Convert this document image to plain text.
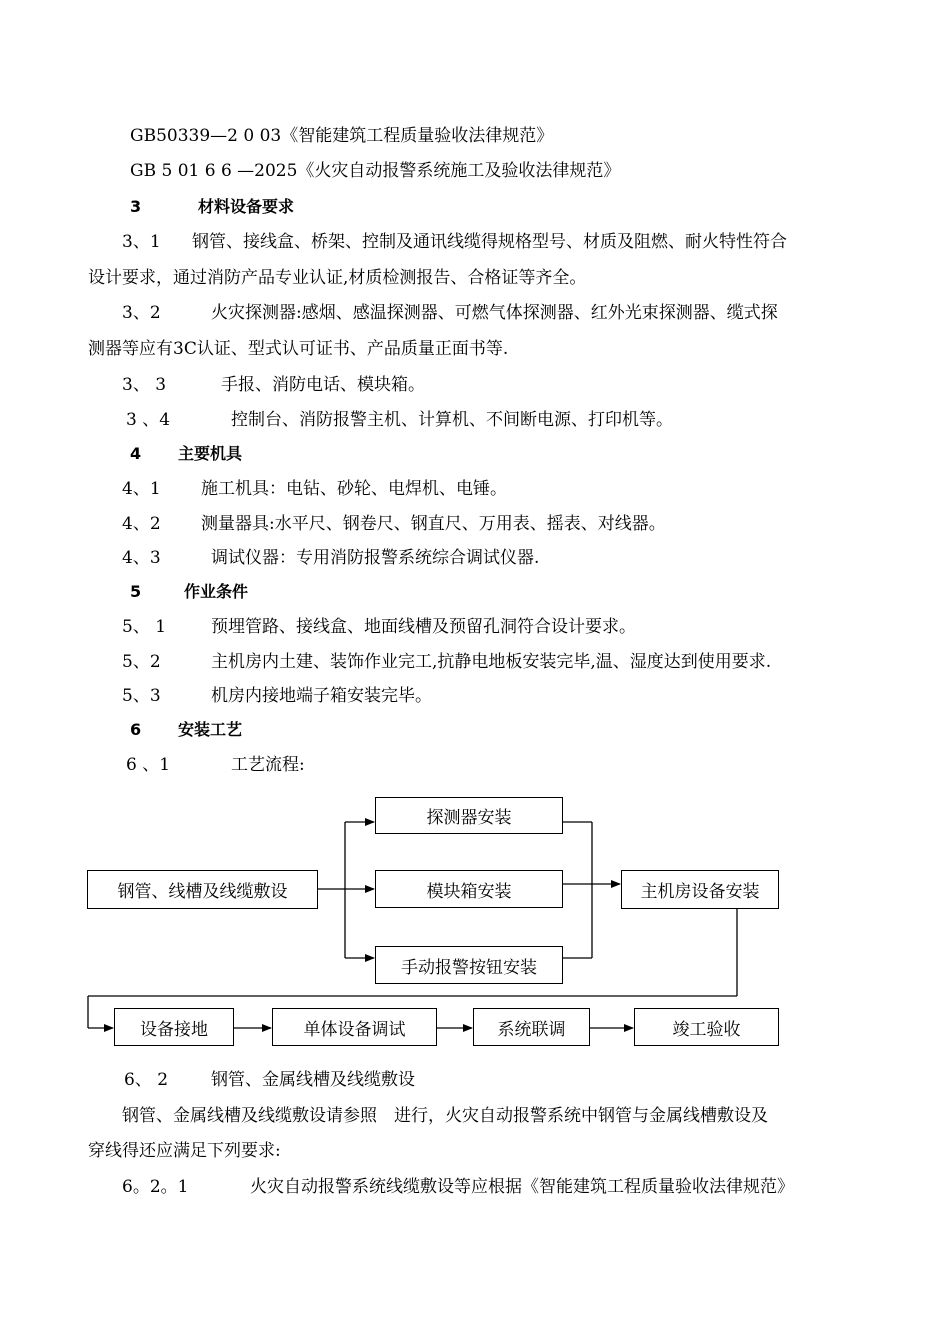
GB50339—2 0 03《智能建筑工程质量验收法律规范》
GB 5 01 6 6 —2025《火灾自动报警系统施工及验收法律规范》
3	材料设备要求
3、1 钢管、接线盒、桥架、控制及通讯线缆得规格型号、材质及阻燃、耐火特性符合
设计要求，通过消防产品专业认证,材质检测报告、合格证等齐全。
3、2	火灾探测器:感烟、感温探测器、可燃气体探测器、红外光束探测器、缆式探
测器等应有3C认证、型式认可证书、产品质量正面书等.
3、 3	手报、消防电话、模块箱。
3 、4	控制台、消防报警主机、计算机、不间断电源、打印机等。
4 主要机具
4、1 施工机具：电钻、砂轮、电焊机、电锤。
4、2 测量器具:水平尺、钢卷尺、钢直尺、万用表、摇表、对线器。
4、3	调试仪器：专用消防报警系统综合调试仪器.
5	作业条件
5、 1	预埋管路、接线盒、地面线槽及预留孔洞符合设计要求。
5、2	主机房内土建、装饰作业完工,抗静电地板安装完毕,温、湿度达到使用要求.
5、3	机房内接地端子箱安装完毕。
6 安装工艺
6 、1	工艺流程:
钢管、线槽及线缆敷设
探测器安装
模块箱安装
手动报警按钮安装
主机房设备安装
设备接地	单体设备调试	系统联调	竣工验收
6、 2	钢管、金属线槽及线缆敷设
钢管、金属线槽及线缆敷设请参照　进行，火灾自动报警系统中钢管与金属线槽敷设及
穿线得还应满足下列要求:
6。2。1	火灾自动报警系统线缆敷设等应根据《智能建筑工程质量验收法律规范》
